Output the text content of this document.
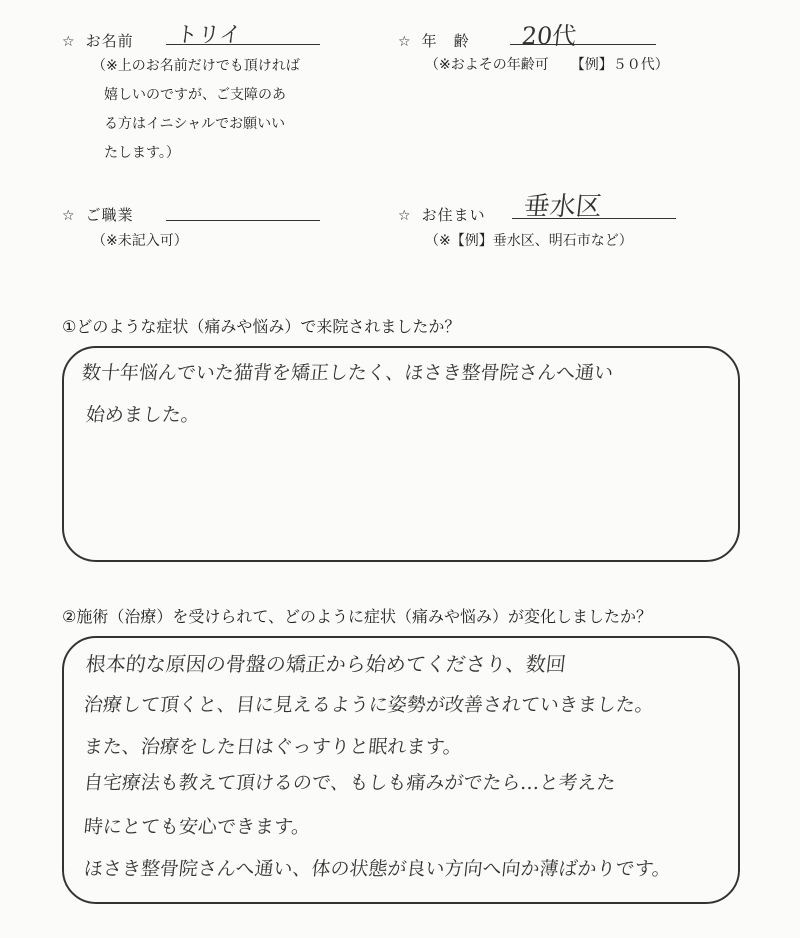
☆ お名前 トリイ
（※上のお名前だけでも頂ければ
嬉しいのですが、ご支障のあ
る方はイニシャルでお願いい
たします。）
☆ 年　齢 20代
（※およその年齢可 【例】５０代）
☆ ご職業
（※未記入可）
☆ お住まい 垂水区
（※【例】垂水区、明石市など）
①どのような症状（痛みや悩み）で来院されましたか？
数十年悩んでいた猫背を矯正したく、ほさき整骨院さんへ通い
始めました。
②施術（治療）を受けられて、どのように症状（痛みや悩み）が変化しましたか？
根本的な原因の骨盤の矯正から始めてくださり、数回
治療して頂くと、目に見えるように姿勢が改善されていきました。
また、治療をした日はぐっすりと眠れます。
自宅療法も教えて頂けるので、もしも痛みがでたら…と考えた
時にとても安心できます。
ほさき整骨院さんへ通い、体の状態が良い方向へ向か薄ばかりです。
